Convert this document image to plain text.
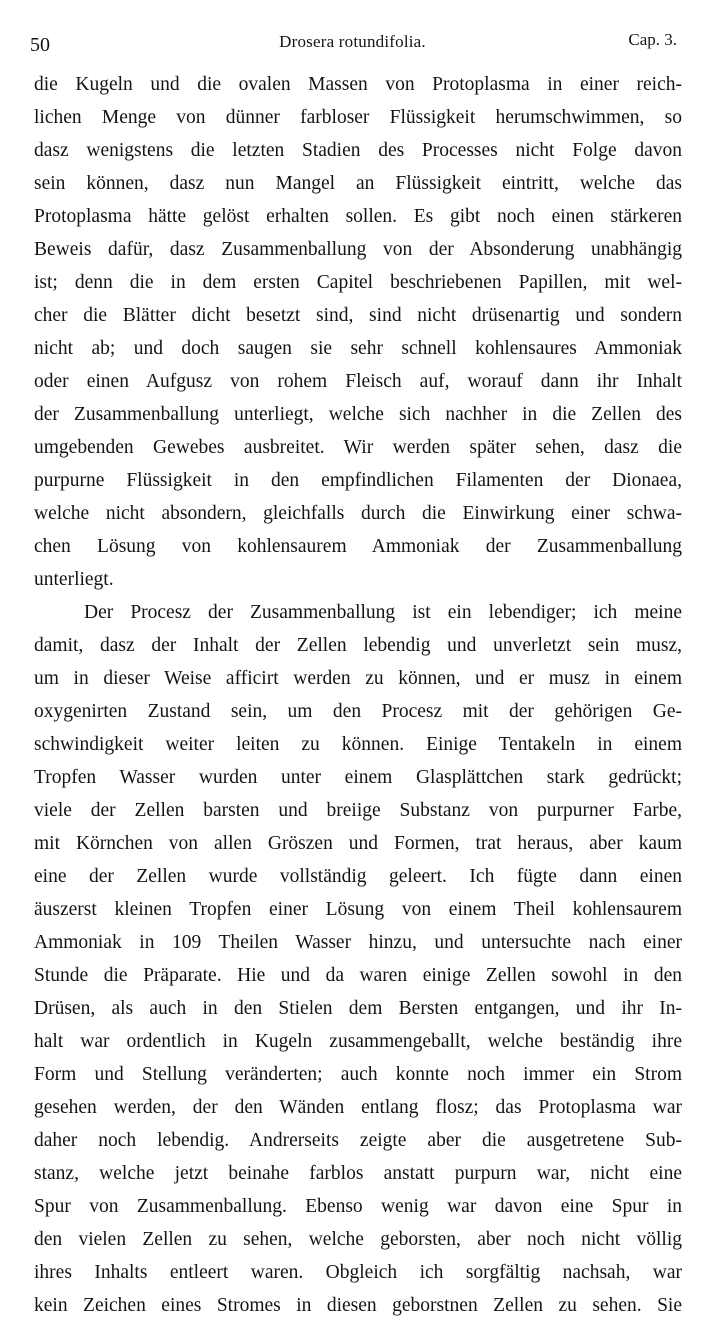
50	Drosera rotundifolia.	Cap. 3.
die Kugeln und die ovalen Massen von Protoplasma in einer reich-
lichen Menge von dünner farbloser Flüssigkeit herumschwimmen, so
dasz wenigstens die letzten Stadien des Processes nicht Folge davon
sein können, dasz nun Mangel an Flüssigkeit eintritt, welche das
Protoplasma hätte gelöst erhalten sollen. Es gibt noch einen stärkeren
Beweis dafür, dasz Zusammenballung von der Absonderung unabhängig
ist; denn die in dem ersten Capitel beschriebenen Papillen, mit wel-
cher die Blätter dicht besetzt sind, sind nicht drüsenartig und sondern
nicht ab; und doch saugen sie sehr schnell kohlensaures Ammoniak
oder einen Aufgusz von rohem Fleisch auf, worauf dann ihr Inhalt
der Zusammenballung unterliegt, welche sich nachher in die Zellen des
umgebenden Gewebes ausbreitet. Wir werden später sehen, dasz die
purpurne Flüssigkeit in den empfindlichen Filamenten der Dionaea,
welche nicht absondern, gleichfalls durch die Einwirkung einer schwa-
chen Lösung von kohlensaurem Ammoniak der Zusammenballung
unterliegt.
Der Procesz der Zusammenballung ist ein lebendiger; ich meine
damit, dasz der Inhalt der Zellen lebendig und unverletzt sein musz,
um in dieser Weise afficirt werden zu können, und er musz in einem
oxygenirten Zustand sein, um den Procesz mit der gehörigen Ge-
schwindigkeit weiter leiten zu können. Einige Tentakeln in einem
Tropfen Wasser wurden unter einem Glasplättchen stark gedrückt;
viele der Zellen barsten und breiige Substanz von purpurner Farbe,
mit Körnchen von allen Gröszen und Formen, trat heraus, aber kaum
eine der Zellen wurde vollständig geleert. Ich fügte dann einen
äuszerst kleinen Tropfen einer Lösung von einem Theil kohlensaurem
Ammoniak in 109 Theilen Wasser hinzu, und untersuchte nach einer
Stunde die Präparate. Hie und da waren einige Zellen sowohl in den
Drüsen, als auch in den Stielen dem Bersten entgangen, und ihr In-
halt war ordentlich in Kugeln zusammengeballt, welche beständig ihre
Form und Stellung veränderten; auch konnte noch immer ein Strom
gesehen werden, der den Wänden entlang flosz; das Protoplasma war
daher noch lebendig. Andrerseits zeigte aber die ausgetretene Sub-
stanz, welche jetzt beinahe farblos anstatt purpurn war, nicht eine
Spur von Zusammenballung. Ebenso wenig war davon eine Spur in
den vielen Zellen zu sehen, welche geborsten, aber noch nicht völlig
ihres Inhalts entleert waren. Obgleich ich sorgfältig nachsah, war
kein Zeichen eines Stromes in diesen geborstnen Zellen zu sehen. Sie
